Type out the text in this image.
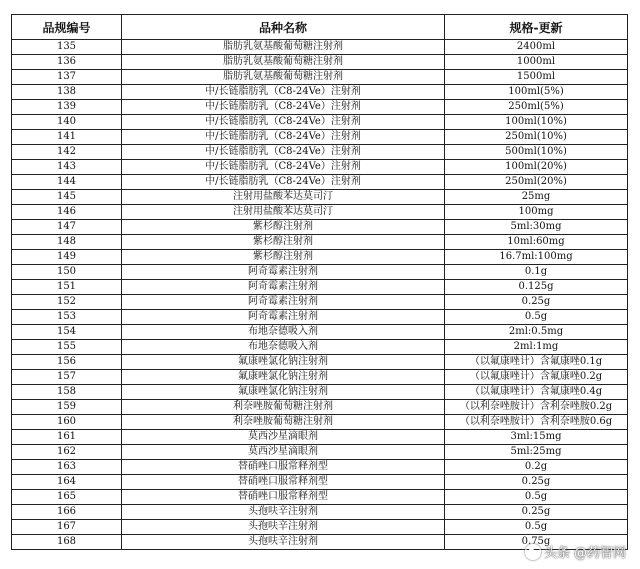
品规编号	品种名称	规格-更新
135	脂肪乳氨基酸葡萄糖注射剂	2400ml
136	脂肪乳氨基酸葡萄糖注射剂	1000ml
137	脂肪乳氨基酸葡萄糖注射剂	1500ml
138	中/长链脂肪乳（C8-24Ve）注射剂	100ml(5%)
139	中/长链脂肪乳（C8-24Ve）注射剂	250ml(5%)
140	中/长链脂肪乳（C8-24Ve）注射剂	100ml(10%)
141	中/长链脂肪乳（C8-24Ve）注射剂	250ml(10%)
142	中/长链脂肪乳（C8-24Ve）注射剂	500ml(10%)
143	中/长链脂肪乳（C8-24Ve）注射剂	100ml(20%)
144	中/长链脂肪乳（C8-24Ve）注射剂	250ml(20%)
145	注射用盐酸苯达莫司汀	25mg
146	注射用盐酸苯达莫司汀	100mg
147	紫杉醇注射剂	5ml:30mg
148	紫杉醇注射剂	10ml:60mg
149	紫杉醇注射剂	16.7ml:100mg
150	阿奇霉素注射剂	0.1g
151	阿奇霉素注射剂	0.125g
152	阿奇霉素注射剂	0.25g
153	阿奇霉素注射剂	0.5g
154	布地奈德吸入剂	2ml:0.5mg
155	布地奈德吸入剂	2ml:1mg
156	氟康唑氯化钠注射剂	（以氟康唑计）含氟康唑0.1g
157	氟康唑氯化钠注射剂	（以氟康唑计）含氟康唑0.2g
158	氟康唑氯化钠注射剂	（以氟康唑计）含氟康唑0.4g
159	利奈唑胺葡萄糖注射剂	（以利奈唑胺计）含利奈唑胺0.2g
160	利奈唑胺葡萄糖注射剂	（以利奈唑胺计）含利奈唑胺0.6g
161	莫西沙星滴眼剂	3ml:15mg
162	莫西沙星滴眼剂	5ml:25mg
163	替硝唑口服常释剂型	0.2g
164	替硝唑口服常释剂型	0.25g
165	替硝唑口服常释剂型	0.5g
166	头孢呋辛注射剂	0.25g
167	头孢呋辛注射剂	0.5g
168	头孢呋辛注射剂	0.75g
头条 @药智网
